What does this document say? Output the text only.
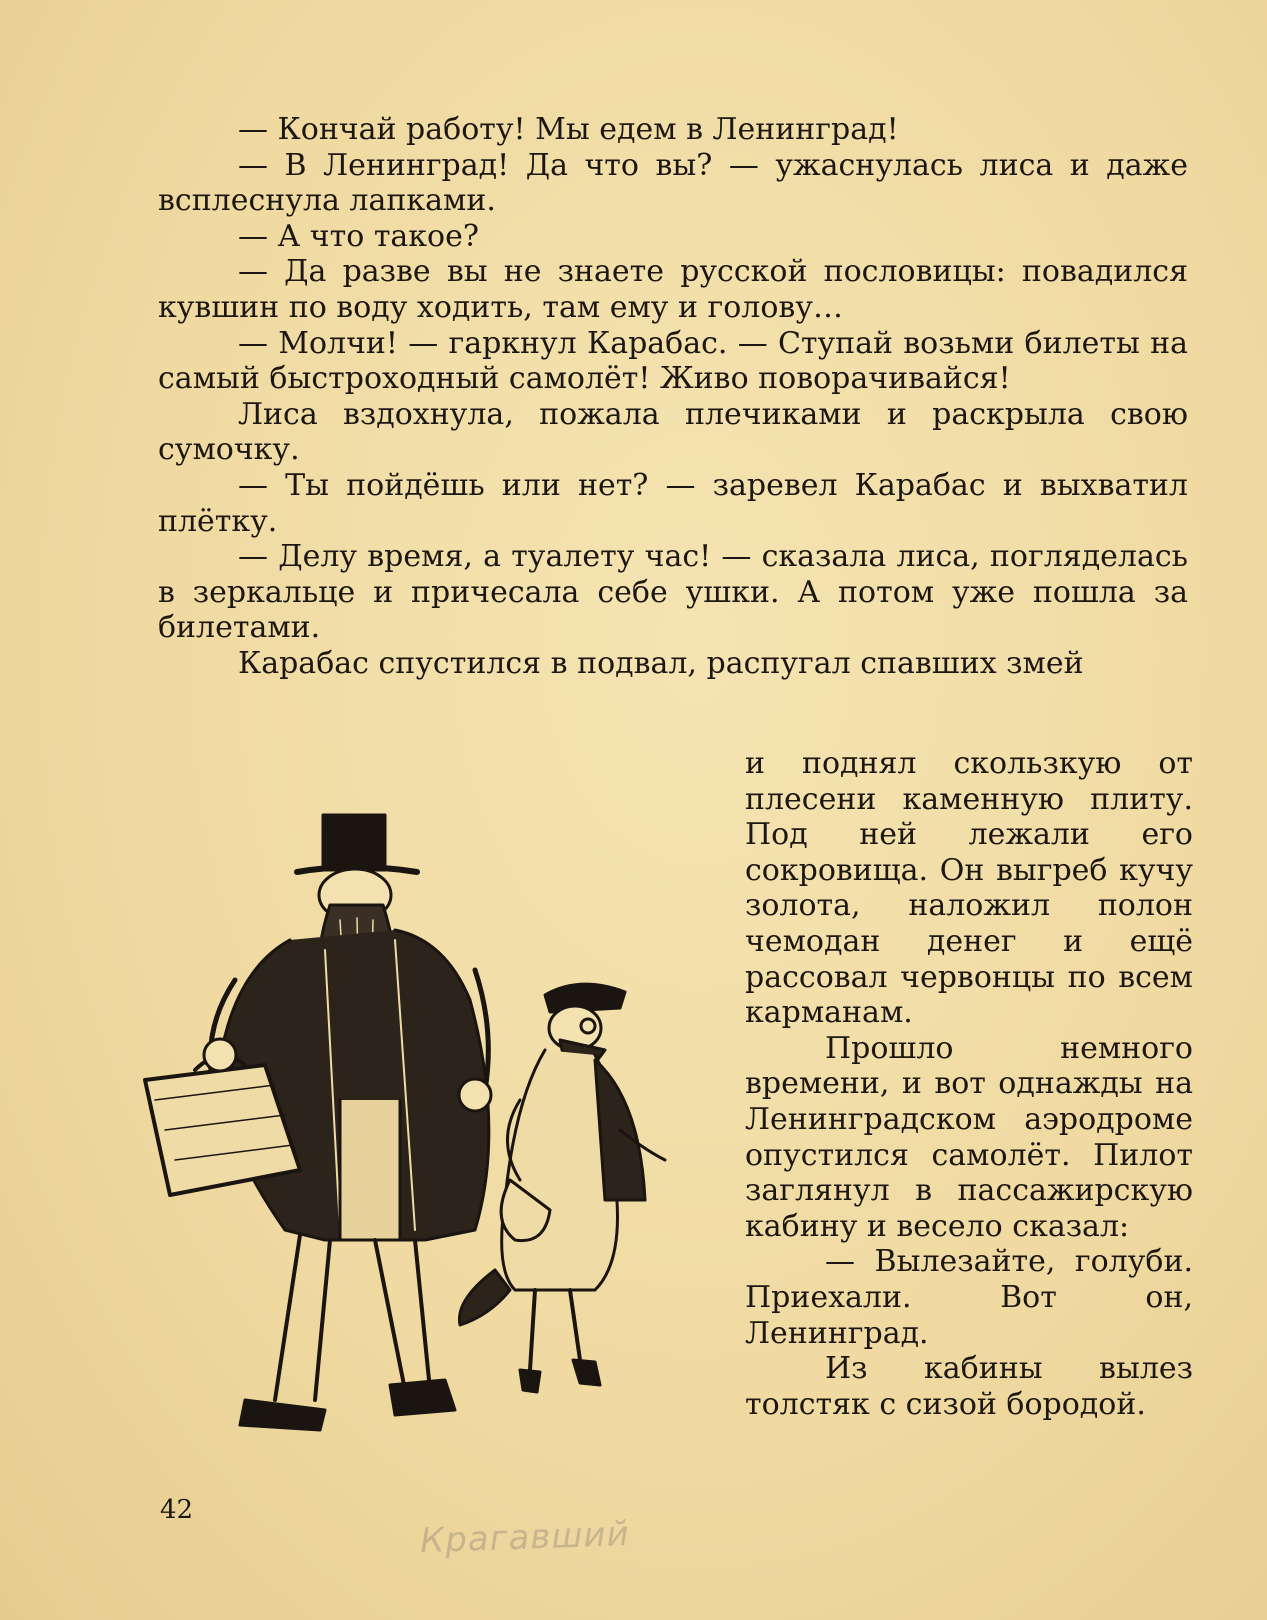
— Кончай работу! Мы едем в Ленинград!

— В Ленинград! Да что вы? — ужаснулась лиса и даже всплеснула лапками.

— А что такое?

— Да разве вы не знаете русской пословицы: повадился кувшин по воду ходить, там ему и голову…

— Молчи! — гаркнул Карабас. — Ступай возьми билеты на самый быстроходный самолёт! Живо поворачивайся!

Лиса вздохнула, пожала плечиками и раскрыла свою сумочку.

— Ты пойдёшь или нет? — заревел Карабас и выхватил плётку.

— Делу время, а туалету час! — сказала лиса, погляделась в зеркальце и причесала себе ушки. А потом уже пошла за билетами.

Карабас спустился в подвал, распугал спавших змей

и поднял скользкую от плесени каменную плиту. Под ней лежали его сокровища. Он выгреб кучу золота, наложил полон чемодан денег и ещё рассовал червонцы по всем карманам.

Прошло немного времени, и вот однажды на Ленинградском аэродроме опустился самолёт. Пилот заглянул в пассажирскую кабину и весело сказал:

— Вылезайте, голуби. Приехали. Вот он, Ленинград.

Из кабины вылез толстяк с сизой бородой.

42
Крагавший
